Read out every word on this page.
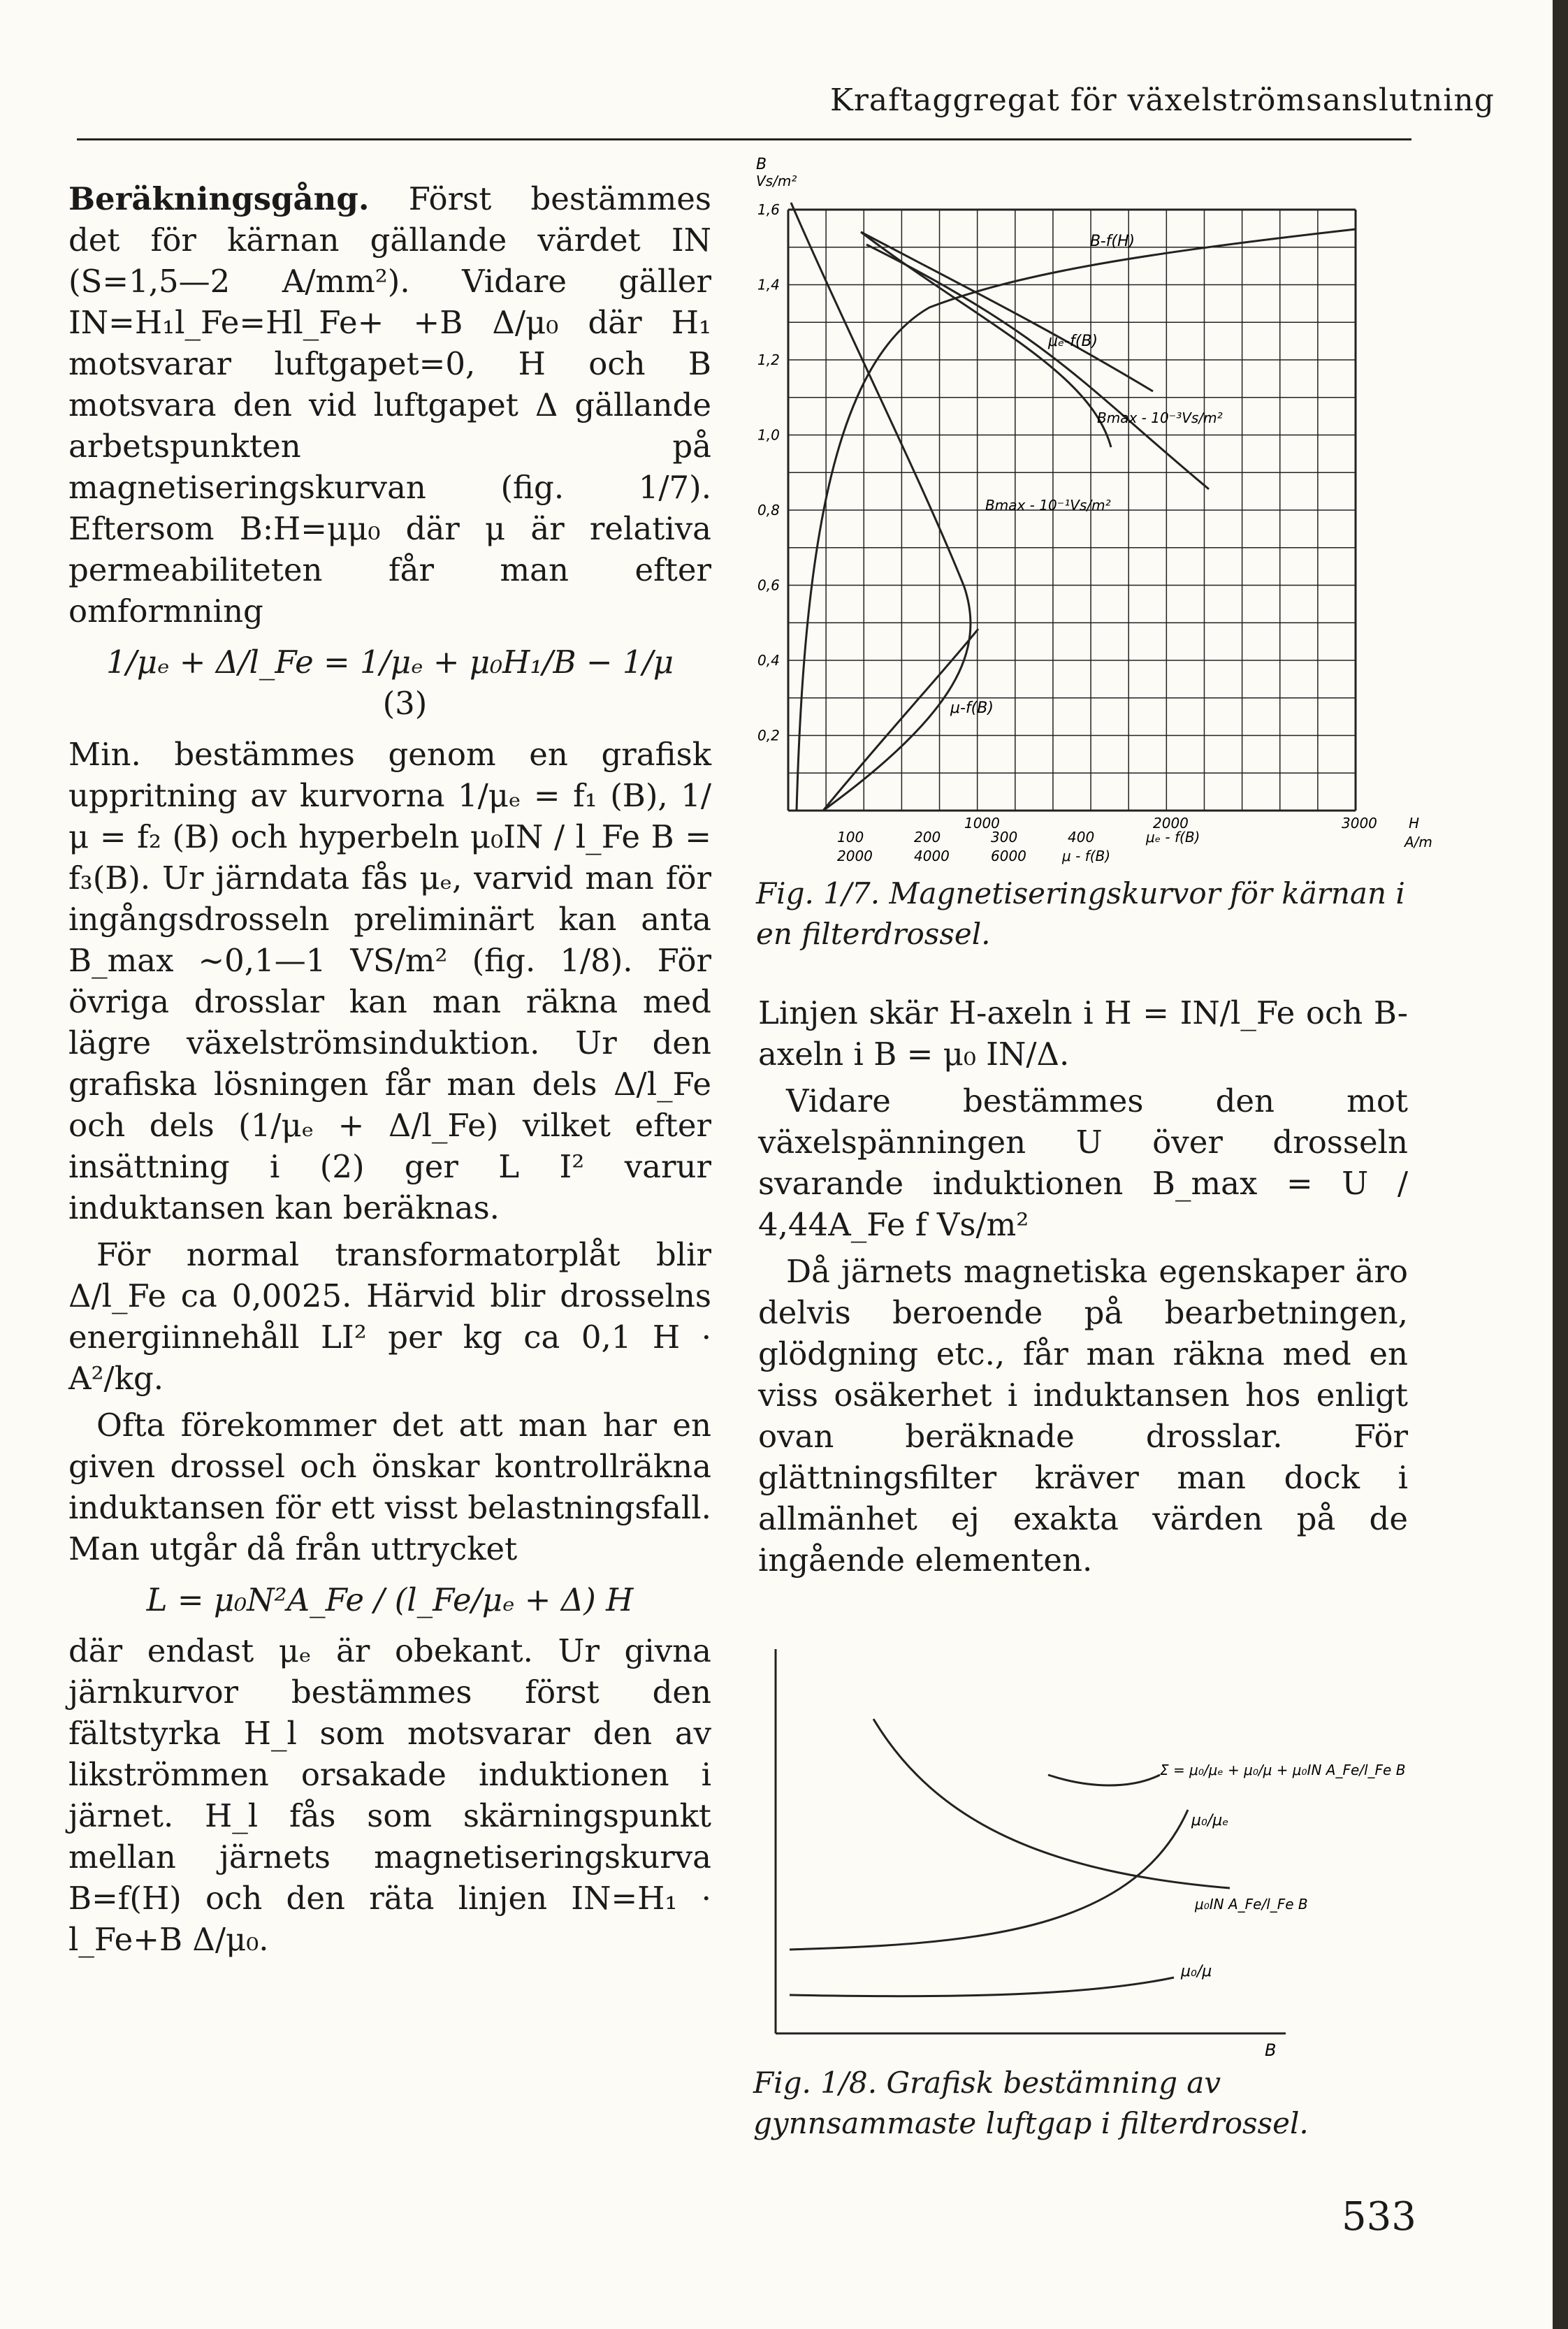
Kraftaggregat för växelströmsanslutning

Beräkningsgång. Först bestämmes det för kärnan gällande värdet IN (S=1,5—2 A/mm²). Vidare gäller IN=H₁l_Fe=Hl_Fe+ +B Δ/μ₀ där H₁ motsvarar luftgapet=0, H och B motsvara den vid luftgapet Δ gällande arbetspunkten på magnetiseringskurvan (fig. 1/7). Eftersom B:H=μμ₀ där μ är relativa permeabiliteten får man efter omformning

1/μₑ + Δ/l_Fe = 1/μₑ + μ₀H₁/B − 1/μ    (3)

Min. bestämmes genom en grafisk uppritning av kurvorna 1/μₑ = f₁ (B), 1/μ = f₂ (B) och hyperbeln μ₀IN / l_Fe B = f₃(B). Ur järndata fås μₑ, varvid man för ingångsdrosseln preliminärt kan anta B_max ∼0,1—1 VS/m² (fig. 1/8). För övriga drosslar kan man räkna med lägre växelströmsinduktion. Ur den grafiska lösningen får man dels Δ/l_Fe och dels (1/μₑ + Δ/l_Fe) vilket efter insättning i (2) ger L I² varur induktansen kan beräknas.

För normal transformatorplåt blir Δ/l_Fe ca 0,0025. Härvid blir drosselns energiinnehåll LI² per kg ca 0,1 H · A²/kg.

Ofta förekommer det att man har en given drossel och önskar kontrollräkna induktansen för ett visst belastningsfall. Man utgår då från uttrycket

L = μ₀N²A_Fe / (l_Fe/μₑ + Δ) H

där endast μₑ är obekant. Ur givna järnkurvor bestämmes först den fältstyrka H_l som motsvarar den av likströmmen orsakade induktionen i järnet. H_l fås som skärningspunkt mellan järnets magnetiseringskurva B=f(H) och den räta linjen IN=H₁ · l_Fe+B Δ/μ₀.

B
Vs/m²
1,6
1,4
1,2
1,0
0,8
0,6
0,4
0,2
1000	2000	3000 H
A/m
100	200	300	400	μₑ - f(B)
2000	4000	6000	μ - f(B)
B-f(H)
μₑ-f(B)
Bmax - 10⁻³Vs/m²
Bmax - 10⁻¹Vs/m²
μ-f(B)
Fig. 1/7. Magnetiseringskurvor för kärnan i en filterdrossel.

Linjen skär H-axeln i H = IN/l_Fe och B-axeln i B = μ₀ IN/Δ.

Vidare bestämmes den mot växelspänningen U över drosseln svarande induktionen B_max = U / 4,44A_Fe f Vs/m²

Då järnets magnetiska egenskaper äro delvis beroende på bearbetningen, glödgning etc., får man räkna med en viss osäkerhet i induktansen hos enligt ovan beräknade drosslar. För glättningsfilter kräver man dock i allmänhet ej exakta värden på de ingående elementen.

B
Σ = μ₀/μₑ + μ₀/μ + μ₀IN A_Fe/l_Fe B
μ₀/μₑ
μ₀IN A_Fe/l_Fe B
μ₀/μ
Fig. 1/8. Grafisk bestämning av gynnsammaste luftgap i filterdrossel.
533
